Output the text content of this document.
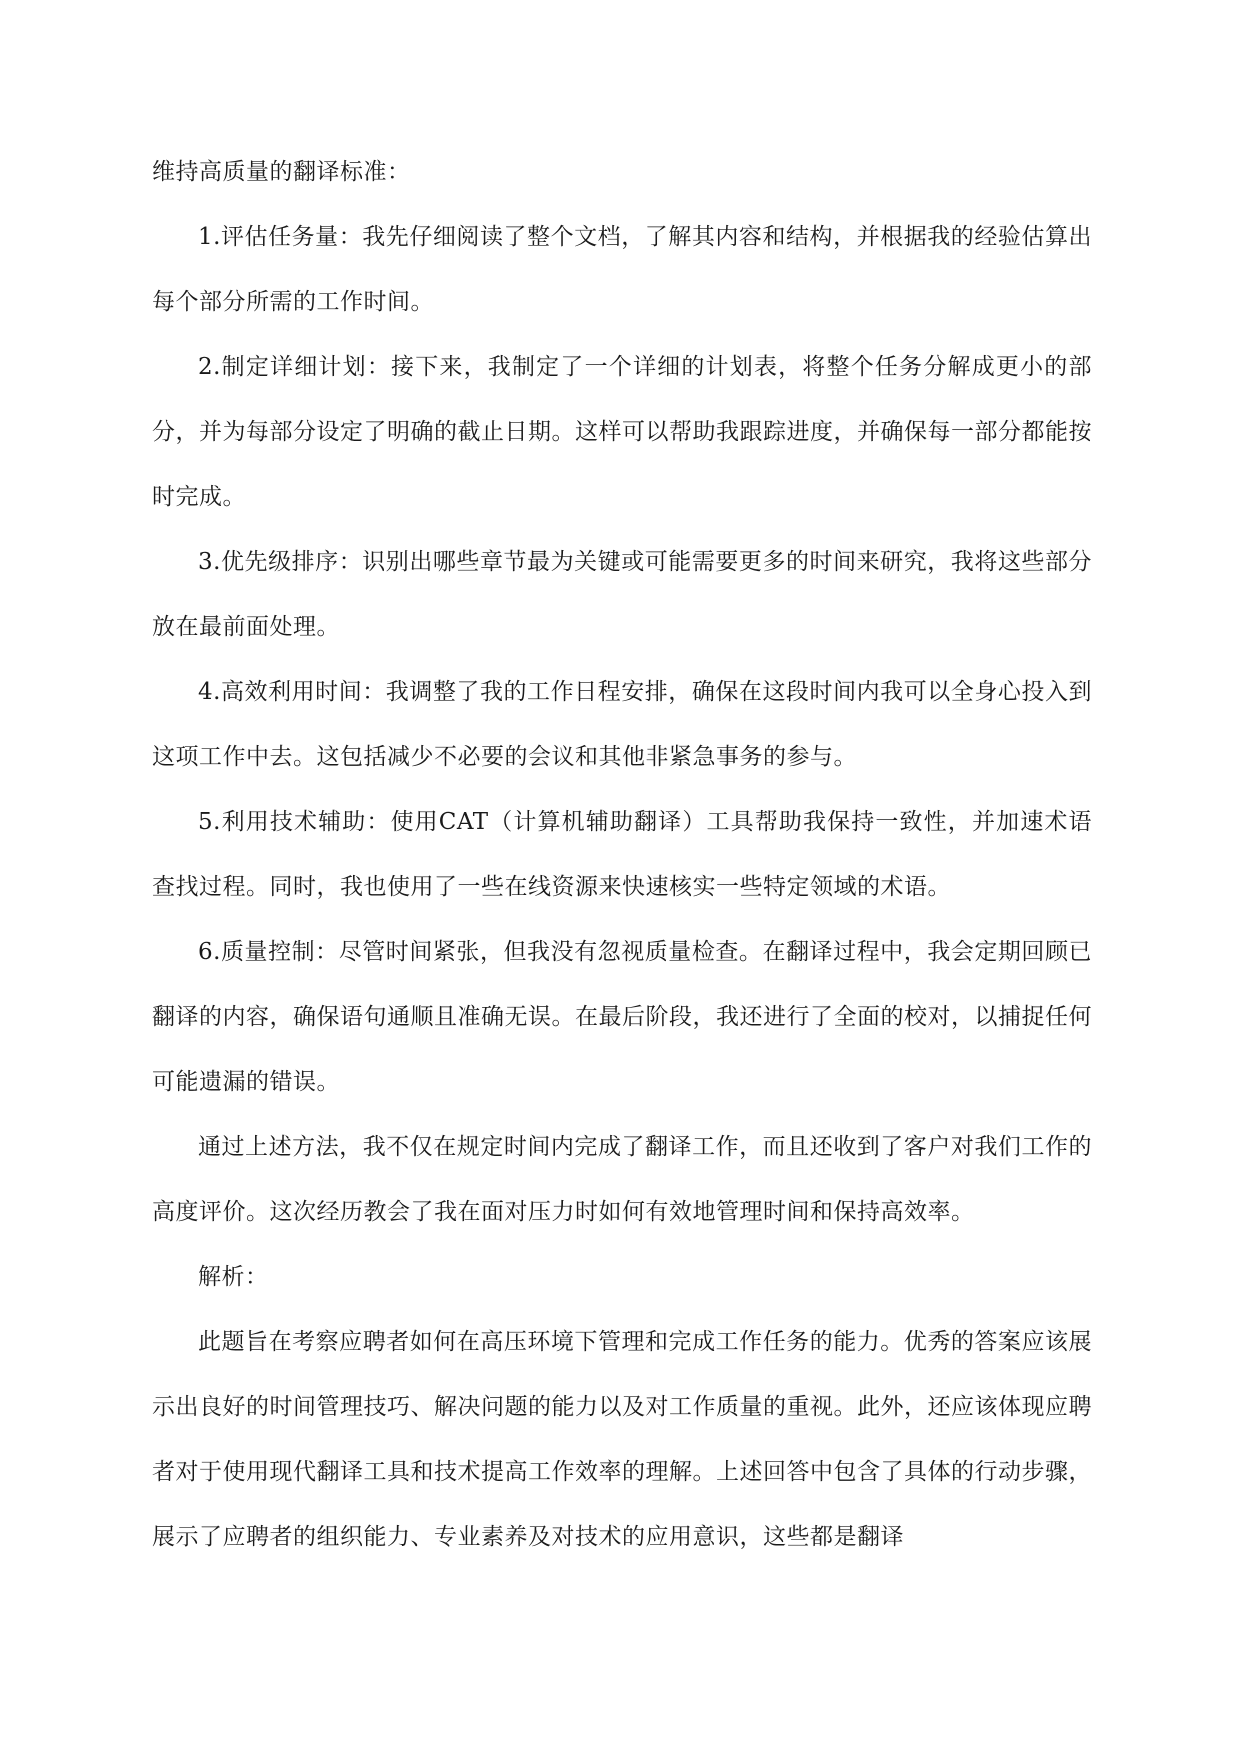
维持高质量的翻译标准：

1.评估任务量：我先仔细阅读了整个文档，了解其内容和结构，并根据我的经验估算出每个部分所需的工作时间。

2.制定详细计划：接下来，我制定了一个详细的计划表，将整个任务分解成更小的部分，并为每部分设定了明确的截止日期。这样可以帮助我跟踪进度，并确保每一部分都能按时完成。

3.优先级排序：识别出哪些章节最为关键或可能需要更多的时间来研究，我将这些部分放在最前面处理。

4.高效利用时间：我调整了我的工作日程安排，确保在这段时间内我可以全身心投入到这项工作中去。这包括减少不必要的会议和其他非紧急事务的参与。

5.利用技术辅助：使用CAT（计算机辅助翻译）工具帮助我保持一致性，并加速术语查找过程。同时，我也使用了一些在线资源来快速核实一些特定领域的术语。

6.质量控制：尽管时间紧张，但我没有忽视质量检查。在翻译过程中，我会定期回顾已翻译的内容，确保语句通顺且准确无误。在最后阶段，我还进行了全面的校对，以捕捉任何可能遗漏的错误。

通过上述方法，我不仅在规定时间内完成了翻译工作，而且还收到了客户对我们工作的高度评价。这次经历教会了我在面对压力时如何有效地管理时间和保持高效率。

解析：

此题旨在考察应聘者如何在高压环境下管理和完成工作任务的能力。优秀的答案应该展示出良好的时间管理技巧、解决问题的能力以及对工作质量的重视。此外，还应该体现应聘者对于使用现代翻译工具和技术提高工作效率的理解。上述回答中包含了具体的行动步骤，展示了应聘者的组织能力、专业素养及对技术的应用意识，这些都是翻译
